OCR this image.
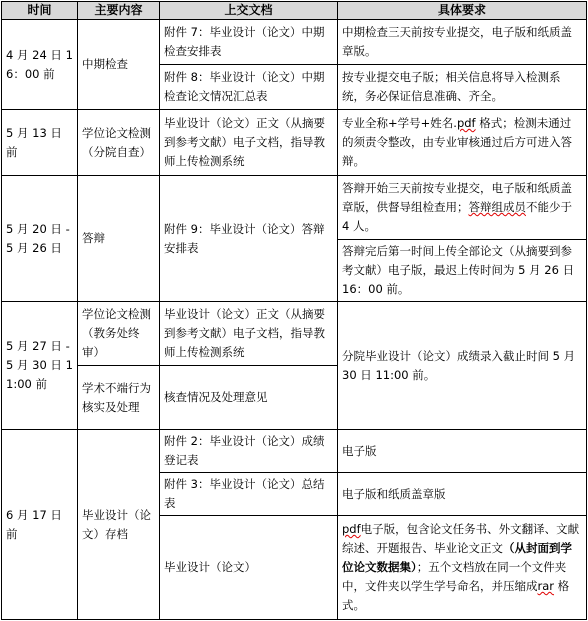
时间	主要内容	上交文档	具体要求
4 月 24 日 16：00 前	中期检查	附件 7：毕业设计（论文）中期检查安排表	中期检查三天前按专业提交，电子版和纸质盖章版。
		附件 8：毕业设计（论文）中期检查论文情况汇总表	按专业提交电子版；相关信息将导入检测系统，务必保证信息准确、齐全。
5 月 13 日前	学位论文检测（分院自查）	毕业设计（论文）正文（从摘要到参考文献）电子文档，指导教师上传检测系统	专业全称+学号+姓名.pdf 格式；检测未通过的须责令整改，由专业审核通过后方可进入答辩。
5 月 20 日 -5 月 26 日	答辩	附件 9：毕业设计（论文）答辩安排表	答辩开始三天前按专业提交，电子版和纸质盖章版，供督导组检查用；答辩组成员不能少于 4 人。
			答辩完后第一时间上传全部论文（从摘要到参考文献）电子版，最迟上传时间为 5 月 26 日 16：00 前。
5 月 27 日 -5 月 30 日 11:00 前	学位论文检测（教务处终审）	毕业设计（论文）正文（从摘要到参考文献）电子文档，指导教师上传检测系统	分院毕业设计（论文）成绩录入截止时间 5 月 30 日 11:00 前。
	学术不端行为核实及处理	核查情况及处理意见	
6 月 17 日前	毕业设计（论文）存档	附件 2：毕业设计（论文）成绩登记表	电子版
		附件 3：毕业设计（论文）总结表	电子版和纸质盖章版
		毕业设计（论文）	pdf电子版，包含论文任务书、外文翻译、文献综述、开题报告、毕业论文正文（从封面到学位论文数据集）；五个文档放在同一个文件夹中，文件夹以学生学号命名，并压缩成rar 格式。
